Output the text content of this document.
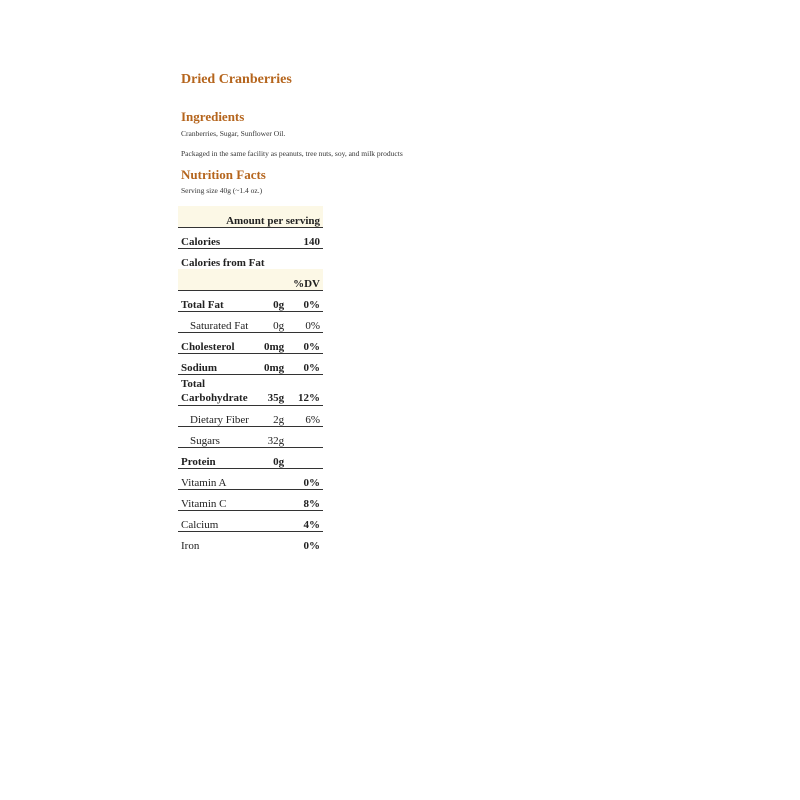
Dried Cranberries

Ingredients

Cranberries, Sugar, Sunflower Oil.

Packaged in the same facility as peanuts, tree nuts, soy, and milk products

Nutrition Facts

Serving size 40g (~1.4 oz.)

Amount per serving		
Calories		140
Calories from Fat		
		%DV
Total Fat	0g	0%
Saturated Fat	0g	0%
Cholesterol	0mg	0%
Sodium	0mg	0%
Total
Carbohydrate	35g	12%
Dietary Fiber	2g	6%
Sugars	32g	
Protein	0g	
Vitamin A		0%
Vitamin C		8%
Calcium		4%
Iron		0%
